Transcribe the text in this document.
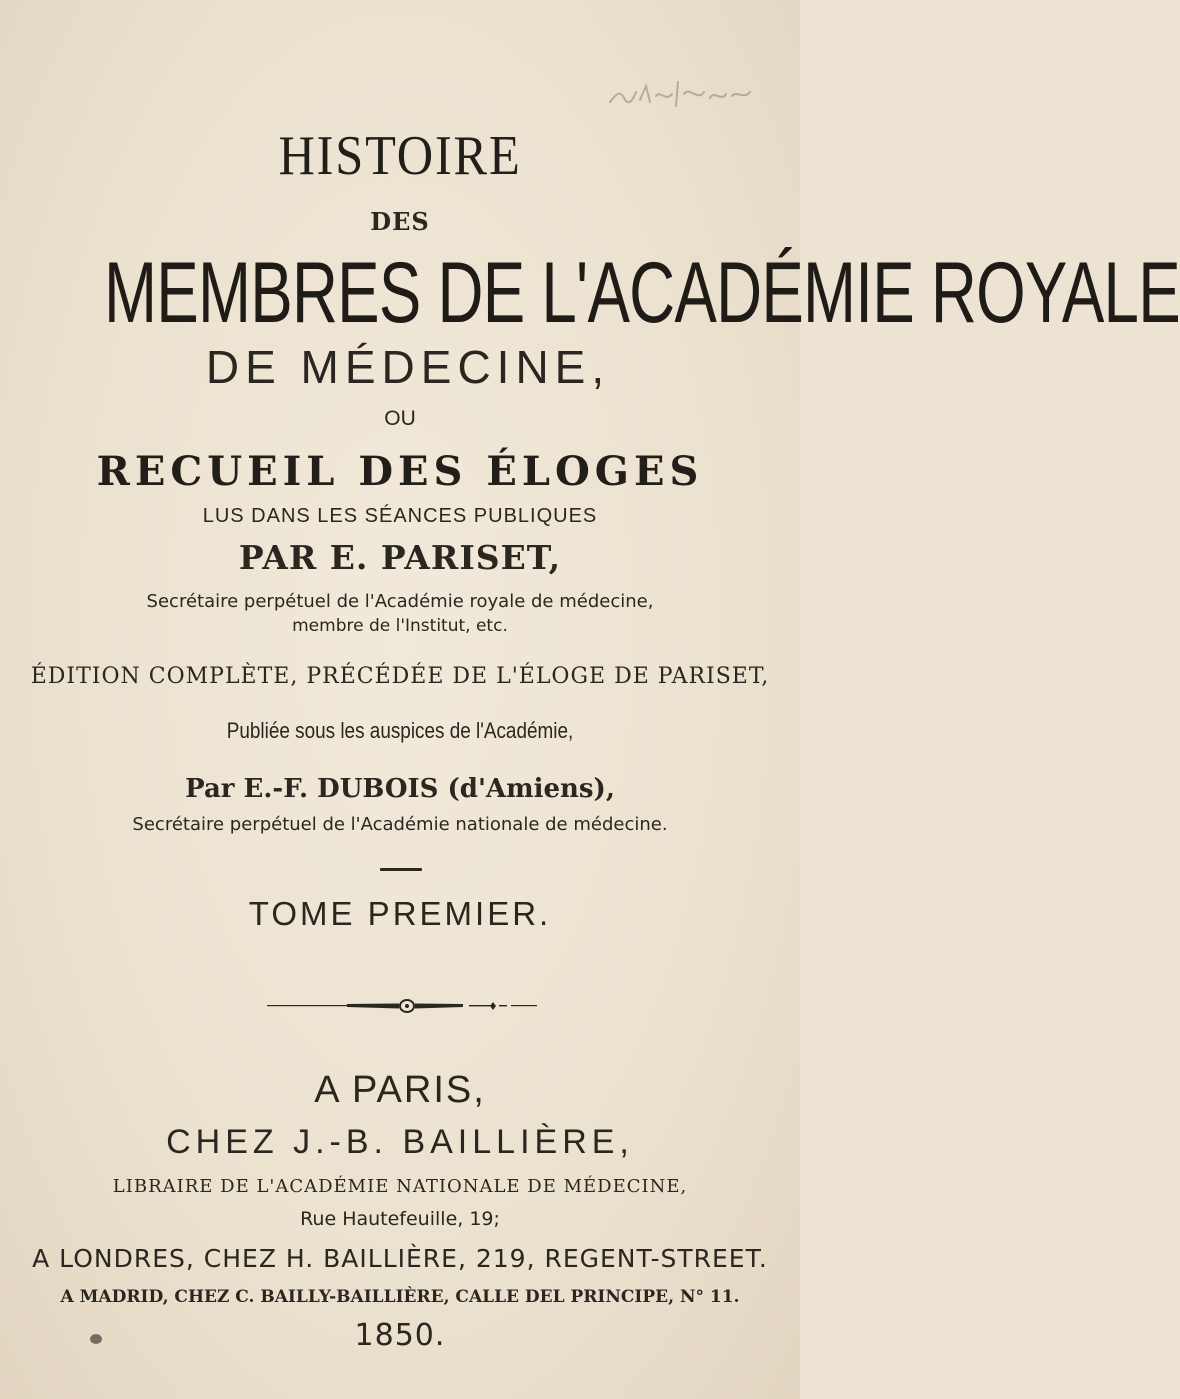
HISTOIRE
DES
MEMBRES DE L'ACADÉMIE ROYALE
DE MÉDECINE,
OU
RECUEIL DES ÉLOGES
LUS DANS LES SÉANCES PUBLIQUES
PAR E. PARISET,
Secrétaire perpétuel de l'Académie royale de médecine,
membre de l'Institut, etc.
ÉDITION COMPLÈTE, PRÉCÉDÉE DE L'ÉLOGE DE PARISET,
Publiée sous les auspices de l'Académie,
Par E.-F. DUBOIS (d'Amiens),
Secrétaire perpétuel de l'Académie nationale de médecine.
TOME PREMIER.
A PARIS,
CHEZ J.-B. BAILLIÈRE,
LIBRAIRE DE L'ACADÉMIE NATIONALE DE MÉDECINE,
Rue Hautefeuille, 19;
A LONDRES, CHEZ H. BAILLIÈRE, 219, REGENT-STREET.
A MADRID, CHEZ C. BAILLY-BAILLIÈRE, CALLE DEL PRINCIPE, N° 11.
1850.
